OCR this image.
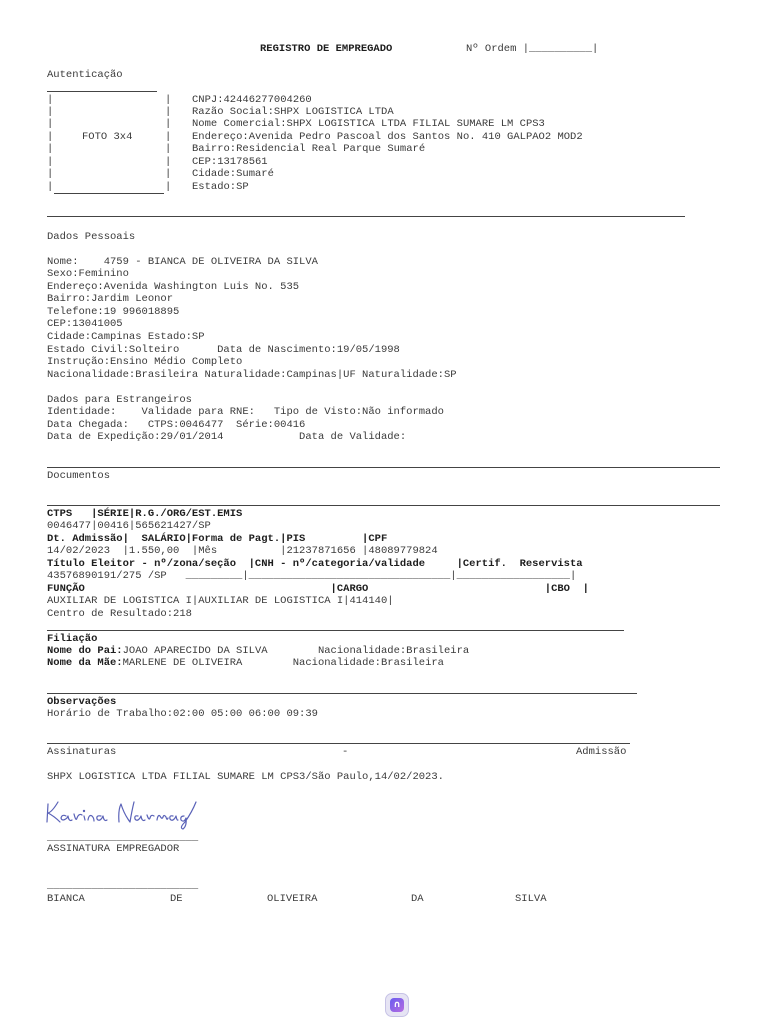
REGISTRO DE EMPREGADO	Nº Ordem |__________|
Autenticação
|
|
|
|
|
|
|
|
|
|
|
|
|
|
|
|
FOTO 3x4
CNPJ:42446277004260
Razão Social:SHPX LOGISTICA LTDA
Nome Comercial:SHPX LOGISTICA LTDA FILIAL SUMARE LM CPS3
Endereço:Avenida Pedro Pascoal dos Santos No. 410 GALPAO2 MOD2
Bairro:Residencial Real Parque Sumaré
CEP:13178561
Cidade:Sumaré
Estado:SP
Dados Pessoais
Nome:    4759 - BIANCA DE OLIVEIRA DA SILVA
Sexo:Feminino
Endereço:Avenida Washington Luis No. 535
Bairro:Jardim Leonor
Telefone:19 996018895
CEP:13041005
Cidade:Campinas Estado:SP
Estado Civil:Solteiro      Data de Nascimento:19/05/1998
Instrução:Ensino Médio Completo
Nacionalidade:Brasileira Naturalidade:Campinas|UF Naturalidade:SP
Dados para Estrangeiros
Identidade:    Validade para RNE:   Tipo de Visto:Não informado
Data Chegada:   CTPS:0046477  Série:00416
Data de Expedição:29/01/2014            Data de Validade:
Documentos
CTPS   |SÉRIE|R.G./ORG/EST.EMIS
0046477|00416|565621427/SP
Dt. Admissão|  SALÁRIO|Forma de Pagt.|PIS         |CPF
14/02/2023  |1.550,00  |Mês          |21237871656 |48089779824
Título Eleitor - nº/zona/seção  |CNH - nº/categoria/validade     |Certif.  Reservista
43576890191/275 /SP   _________|________________________________|__________________|
FUNÇÃO                                       |CARGO                            |CBO  |
AUXILIAR DE LOGISTICA I|AUXILIAR DE LOGISTICA I|414140|
Centro de Resultado:218
Filiação
Nome do Pai:JOAO APARECIDO DA SILVA        Nacionalidade:Brasileira
Nome da Mãe:MARLENE DE OLIVEIRA        Nacionalidade:Brasileira
Observações
Horário de Trabalho:02:00 05:00 06:00 09:39
Assinaturas	-	Admissão
SHPX LOGISTICA LTDA FILIAL SUMARE LM CPS3/São Paulo,14/02/2023.
________________________
ASSINATURA EMPREGADOR
________________________
BIANCA	DE	OLIVEIRA	DA	SILVA
∩
